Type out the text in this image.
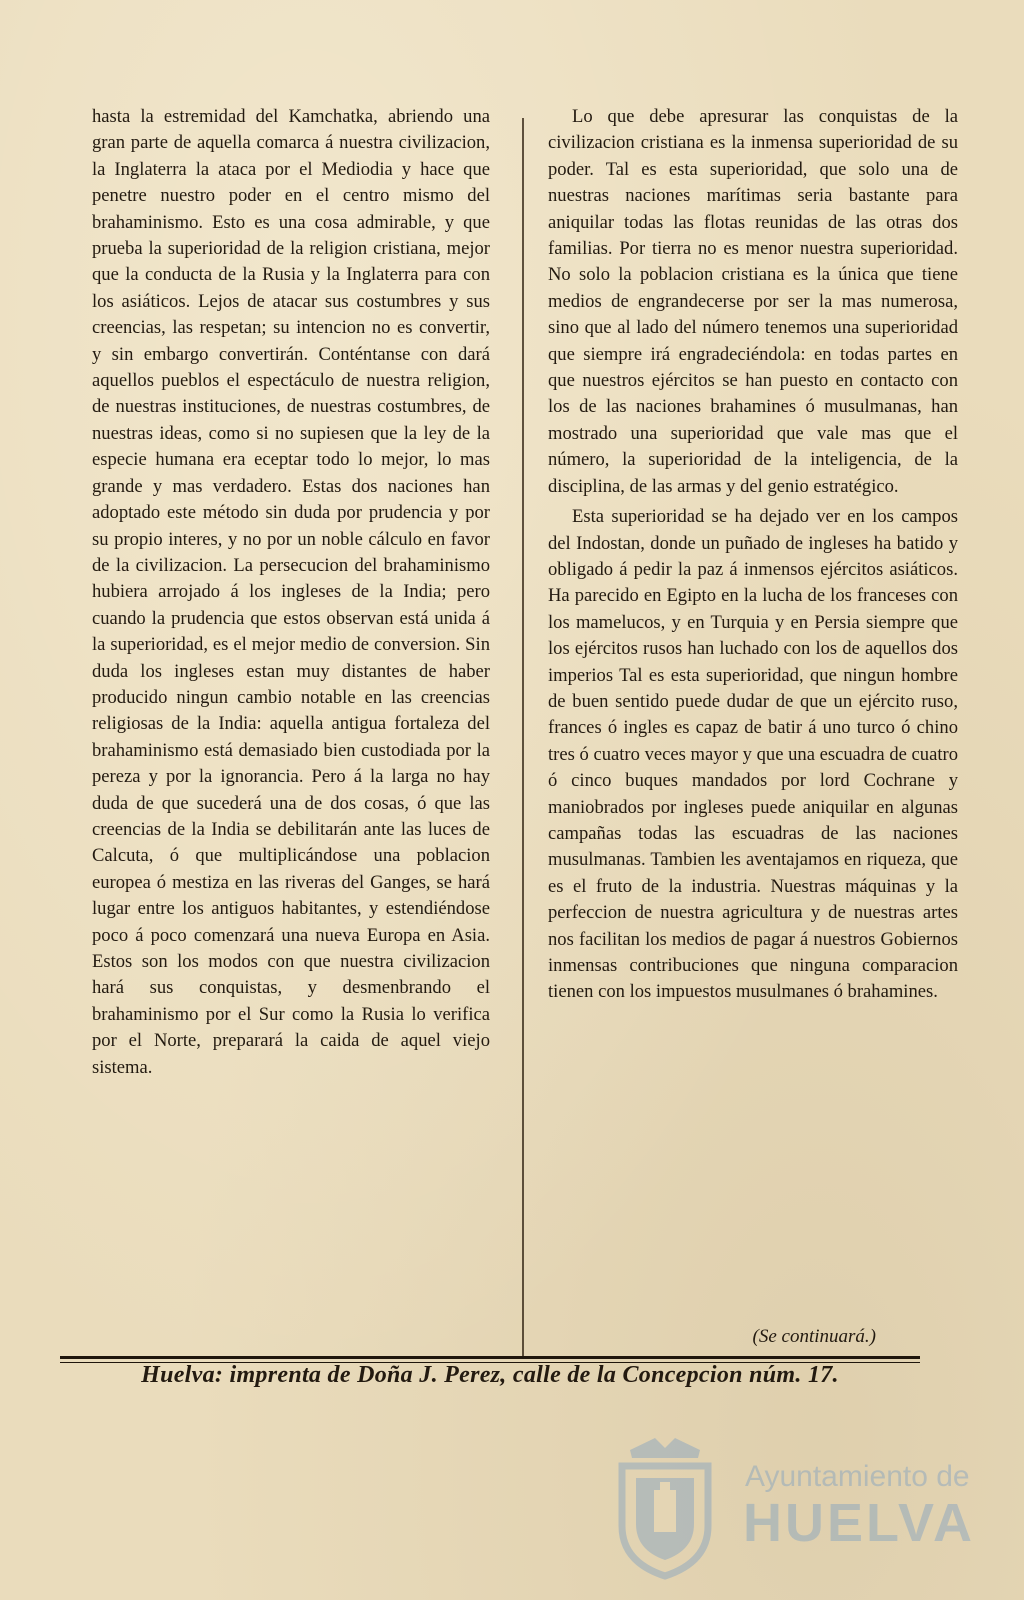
hasta la estremidad del Kamchatka, abriendo una gran parte de aquella comarca á nuestra civilizacion, la Inglaterra la ataca por el Mediodia y hace que penetre nuestro poder en el centro mismo del brahaminismo. Esto es una cosa admirable, y que prueba la superioridad de la religion cristiana, mejor que la conducta de la Rusia y la Inglaterra para con los asiáticos. Lejos de atacar sus costumbres y sus creencias, las respetan; su intencion no es convertir, y sin embargo convertirán. Conténtanse con dará aquellos pueblos el espectáculo de nuestra religion, de nuestras instituciones, de nuestras costumbres, de nuestras ideas, como si no supiesen que la ley de la especie humana era eceptar todo lo mejor, lo mas grande y mas verdadero. Estas dos naciones han adoptado este método sin duda por prudencia y por su propio interes, y no por un noble cálculo en favor de la civilizacion. La persecucion del brahaminismo hubiera arrojado á los ingleses de la India; pero cuando la prudencia que estos observan está unida á la superioridad, es el mejor medio de conversion. Sin duda los ingleses estan muy distantes de haber producido ningun cambio notable en las creencias religiosas de la India: aquella antigua fortaleza del brahaminismo está demasiado bien custodiada por la pereza y por la ignorancia. Pero á la larga no hay duda de que sucederá una de dos cosas, ó que las creencias de la India se debilitarán ante las luces de Calcuta, ó que multiplicándose una poblacion europea ó mestiza en las riveras del Ganges, se hará lugar entre los antiguos habitantes, y estendiéndose poco á poco comenzará una nueva Europa en Asia. Estos son los modos con que nuestra civilizacion hará sus conquistas, y desmenbrando el brahaminismo por el Sur como la Rusia lo verifica por el Norte, preparará la caida de aquel viejo sistema.

Lo que debe apresurar las conquistas de la civilizacion cristiana es la inmensa superioridad de su poder. Tal es esta superioridad, que solo una de nuestras naciones marítimas seria bastante para aniquilar todas las flotas reunidas de las otras dos familias. Por tierra no es menor nuestra superioridad. No solo la poblacion cristiana es la única que tiene medios de engrandecerse por ser la mas numerosa, sino que al lado del número tenemos una superioridad que siempre irá engradeciéndola: en todas partes en que nuestros ejércitos se han puesto en contacto con los de las naciones brahamines ó musulmanas, han mostrado una superioridad que vale mas que el número, la superioridad de la inteligencia, de la disciplina, de las armas y del genio estratégico.

Esta superioridad se ha dejado ver en los campos del Indostan, donde un puñado de ingleses ha batido y obligado á pedir la paz á inmensos ejércitos asiáticos. Ha parecido en Egipto en la lucha de los franceses con los mamelucos, y en Turquia y en Persia siempre que los ejércitos rusos han luchado con los de aquellos dos imperios Tal es esta superioridad, que ningun hombre de buen sentido puede dudar de que un ejército ruso, frances ó ingles es capaz de batir á uno turco ó chino tres ó cuatro veces mayor y que una escuadra de cuatro ó cinco buques mandados por lord Cochrane y maniobrados por ingleses puede aniquilar en algunas campañas todas las escuadras de las naciones musulmanas. Tambien les aventajamos en riqueza, que es el fruto de la industria. Nuestras máquinas y la perfeccion de nuestra agricultura y de nuestras artes nos facilitan los medios de pagar á nuestros Gobiernos inmensas contribuciones que ninguna comparacion tienen con los impuestos musulmanes ó brahamines.

(Se continuará.)
Huelva: imprenta de Doña J. Perez, calle de la Concepcion núm. 17.
Ayuntamiento de
HUELVA
